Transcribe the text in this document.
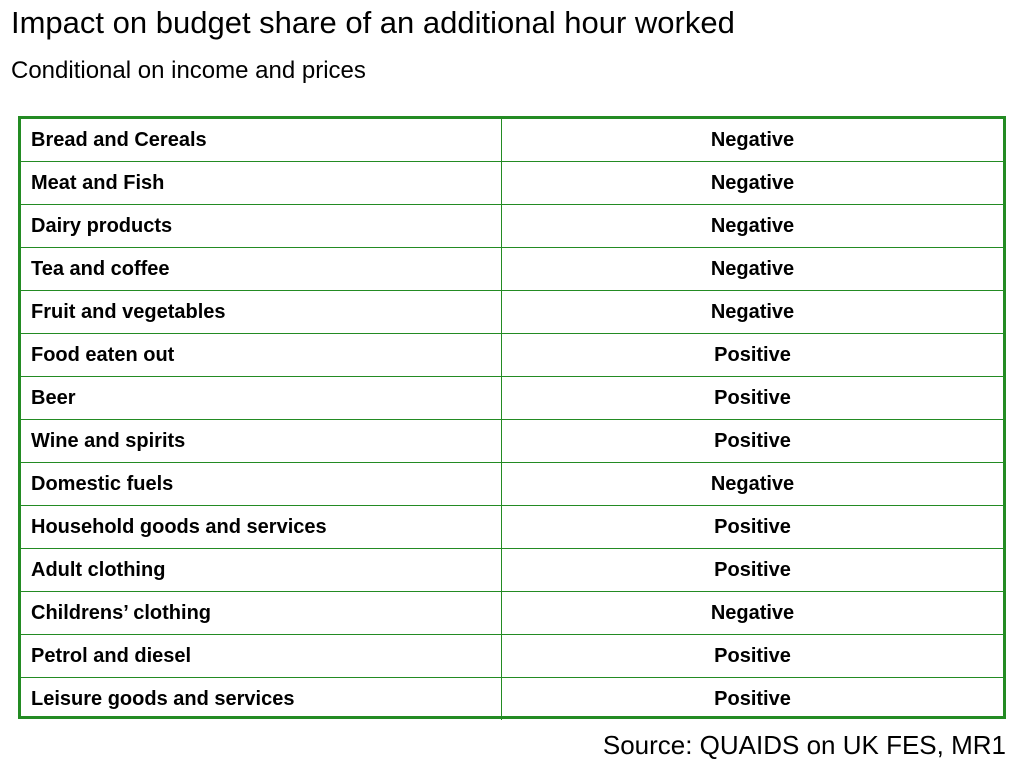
Impact on budget share of an additional hour worked
Conditional on income and prices
Bread and Cereals	Negative
Meat and Fish	Negative
Dairy products	Negative
Tea and coffee	Negative
Fruit and vegetables	Negative
Food eaten out	Positive
Beer	Positive
Wine and spirits	Positive
Domestic fuels	Negative
Household goods and services	Positive
Adult clothing	Positive
Childrens’ clothing	Negative
Petrol and diesel	Positive
Leisure goods and services	Positive
Source: QUAIDS on UK FES, MR1
